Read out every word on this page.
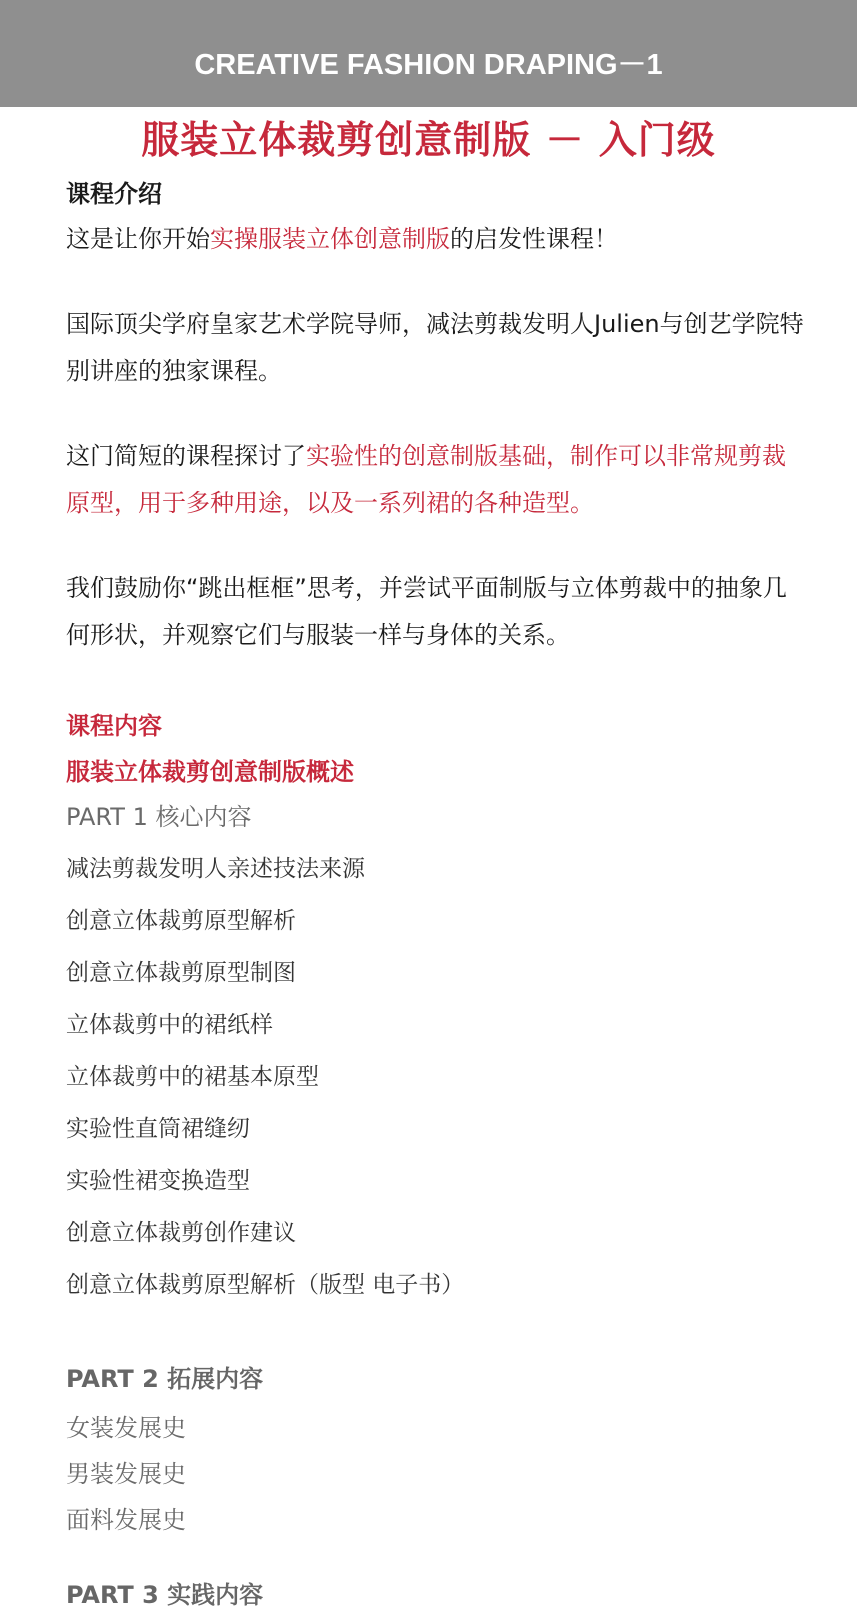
CREATIVE FASHION DRAPING－1
服装立体裁剪创意制版 － 入门级

课程介绍

这是让你开始实操服装立体创意制版的启发性课程！

国际顶尖学府皇家艺术学院导师，减法剪裁发明人Julien与创艺学院特别讲座的独家课程。

这门简短的课程探讨了实验性的创意制版基础，制作可以非常规剪裁原型，用于多种用途，以及一系列裙的各种造型。

我们鼓励你“跳出框框”思考，并尝试平面制版与立体剪裁中的抽象几何形状，并观察它们与服装一样与身体的关系。

课程内容

服装立体裁剪创意制版概述

PART 1 核心内容

减法剪裁发明人亲述技法来源
创意立体裁剪原型解析
创意立体裁剪原型制图
立体裁剪中的裙纸样
立体裁剪中的裙基本原型
实验性直筒裙缝纫
实验性裙变换造型
创意立体裁剪创作建议
创意立体裁剪原型解析（版型 电子书）

PART 2 拓展内容

女装发展史
男装发展史
面料发展史

PART 3 实践内容
